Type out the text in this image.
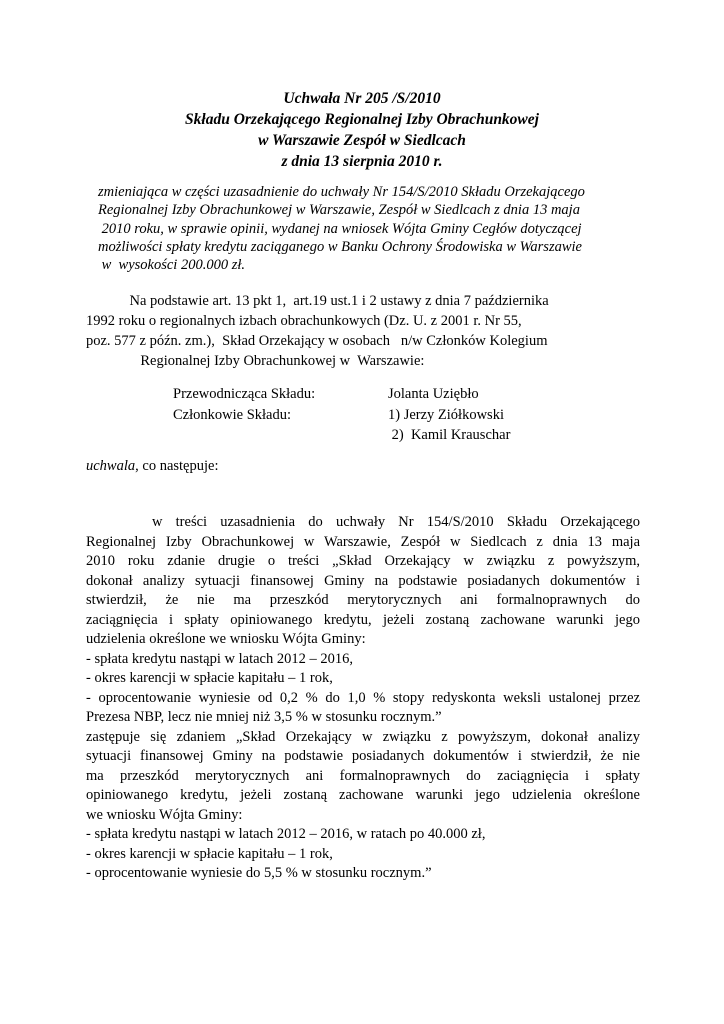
Uchwała Nr 205 /S/2010
Składu Orzekającego Regionalnej Izby Obrachunkowej
w Warszawie Zespół w Siedlcach
z dnia 13 sierpnia 2010 r.
zmieniająca w części uzasadnienie do uchwały Nr 154/S/2010 Składu Orzekającego
Regionalnej Izby Obrachunkowej w Warszawie, Zespół w Siedlcach z dnia 13 maja
2010 roku, w sprawie opinii, wydanej na wniosek Wójta Gminy Cegłów dotyczącej
możliwości spłaty kredytu zaciąganego w Banku Ochrony Środowiska w Warszawie
w  wysokości 200.000 zł.
Na podstawie art. 13 pkt 1,  art.19 ust.1 i 2 ustawy z dnia 7 października
1992 roku o regionalnych izbach obrachunkowych (Dz. U. z 2001 r. Nr 55,
poz. 577 z późn. zm.),  Skład Orzekający w osobach   n/w Członków Kolegium
Regionalnej Izby Obrachunkowej w  Warszawie:
Przewodnicząca Składu:	Jolanta Uziębło
Członkowie Składu:	1) Jerzy Ziółkowski
2)  Kamil Krauschar
uchwala, co następuje:
w treści uzasadnienia do uchwały Nr 154/S/2010 Składu Orzekającego
Regionalnej Izby Obrachunkowej w Warszawie, Zespół w Siedlcach z dnia 13 maja
2010 roku zdanie drugie o treści „Skład Orzekający w związku z powyższym,
dokonał analizy sytuacji finansowej Gminy na podstawie posiadanych dokumentów i
stwierdził, że nie ma przeszkód merytorycznych ani formalnoprawnych do
zaciągnięcia i spłaty opiniowanego kredytu, jeżeli zostaną zachowane warunki jego
udzielenia określone we wniosku Wójta Gminy:
- spłata kredytu nastąpi w latach 2012 – 2016,
- okres karencji w spłacie kapitału – 1 rok,
- oprocentowanie wyniesie od 0,2 % do 1,0 % stopy redyskonta weksli ustalonej przez
Prezesa NBP, lecz nie mniej niż 3,5 % w stosunku rocznym.”
zastępuje się zdaniem „Skład Orzekający w związku z powyższym, dokonał analizy
sytuacji finansowej Gminy na podstawie posiadanych dokumentów i stwierdził, że nie
ma przeszkód merytorycznych ani formalnoprawnych do zaciągnięcia i spłaty
opiniowanego kredytu, jeżeli zostaną zachowane warunki jego udzielenia określone
we wniosku Wójta Gminy:
- spłata kredytu nastąpi w latach 2012 – 2016, w ratach po 40.000 zł,
- okres karencji w spłacie kapitału – 1 rok,
- oprocentowanie wyniesie do 5,5 % w stosunku rocznym.”
